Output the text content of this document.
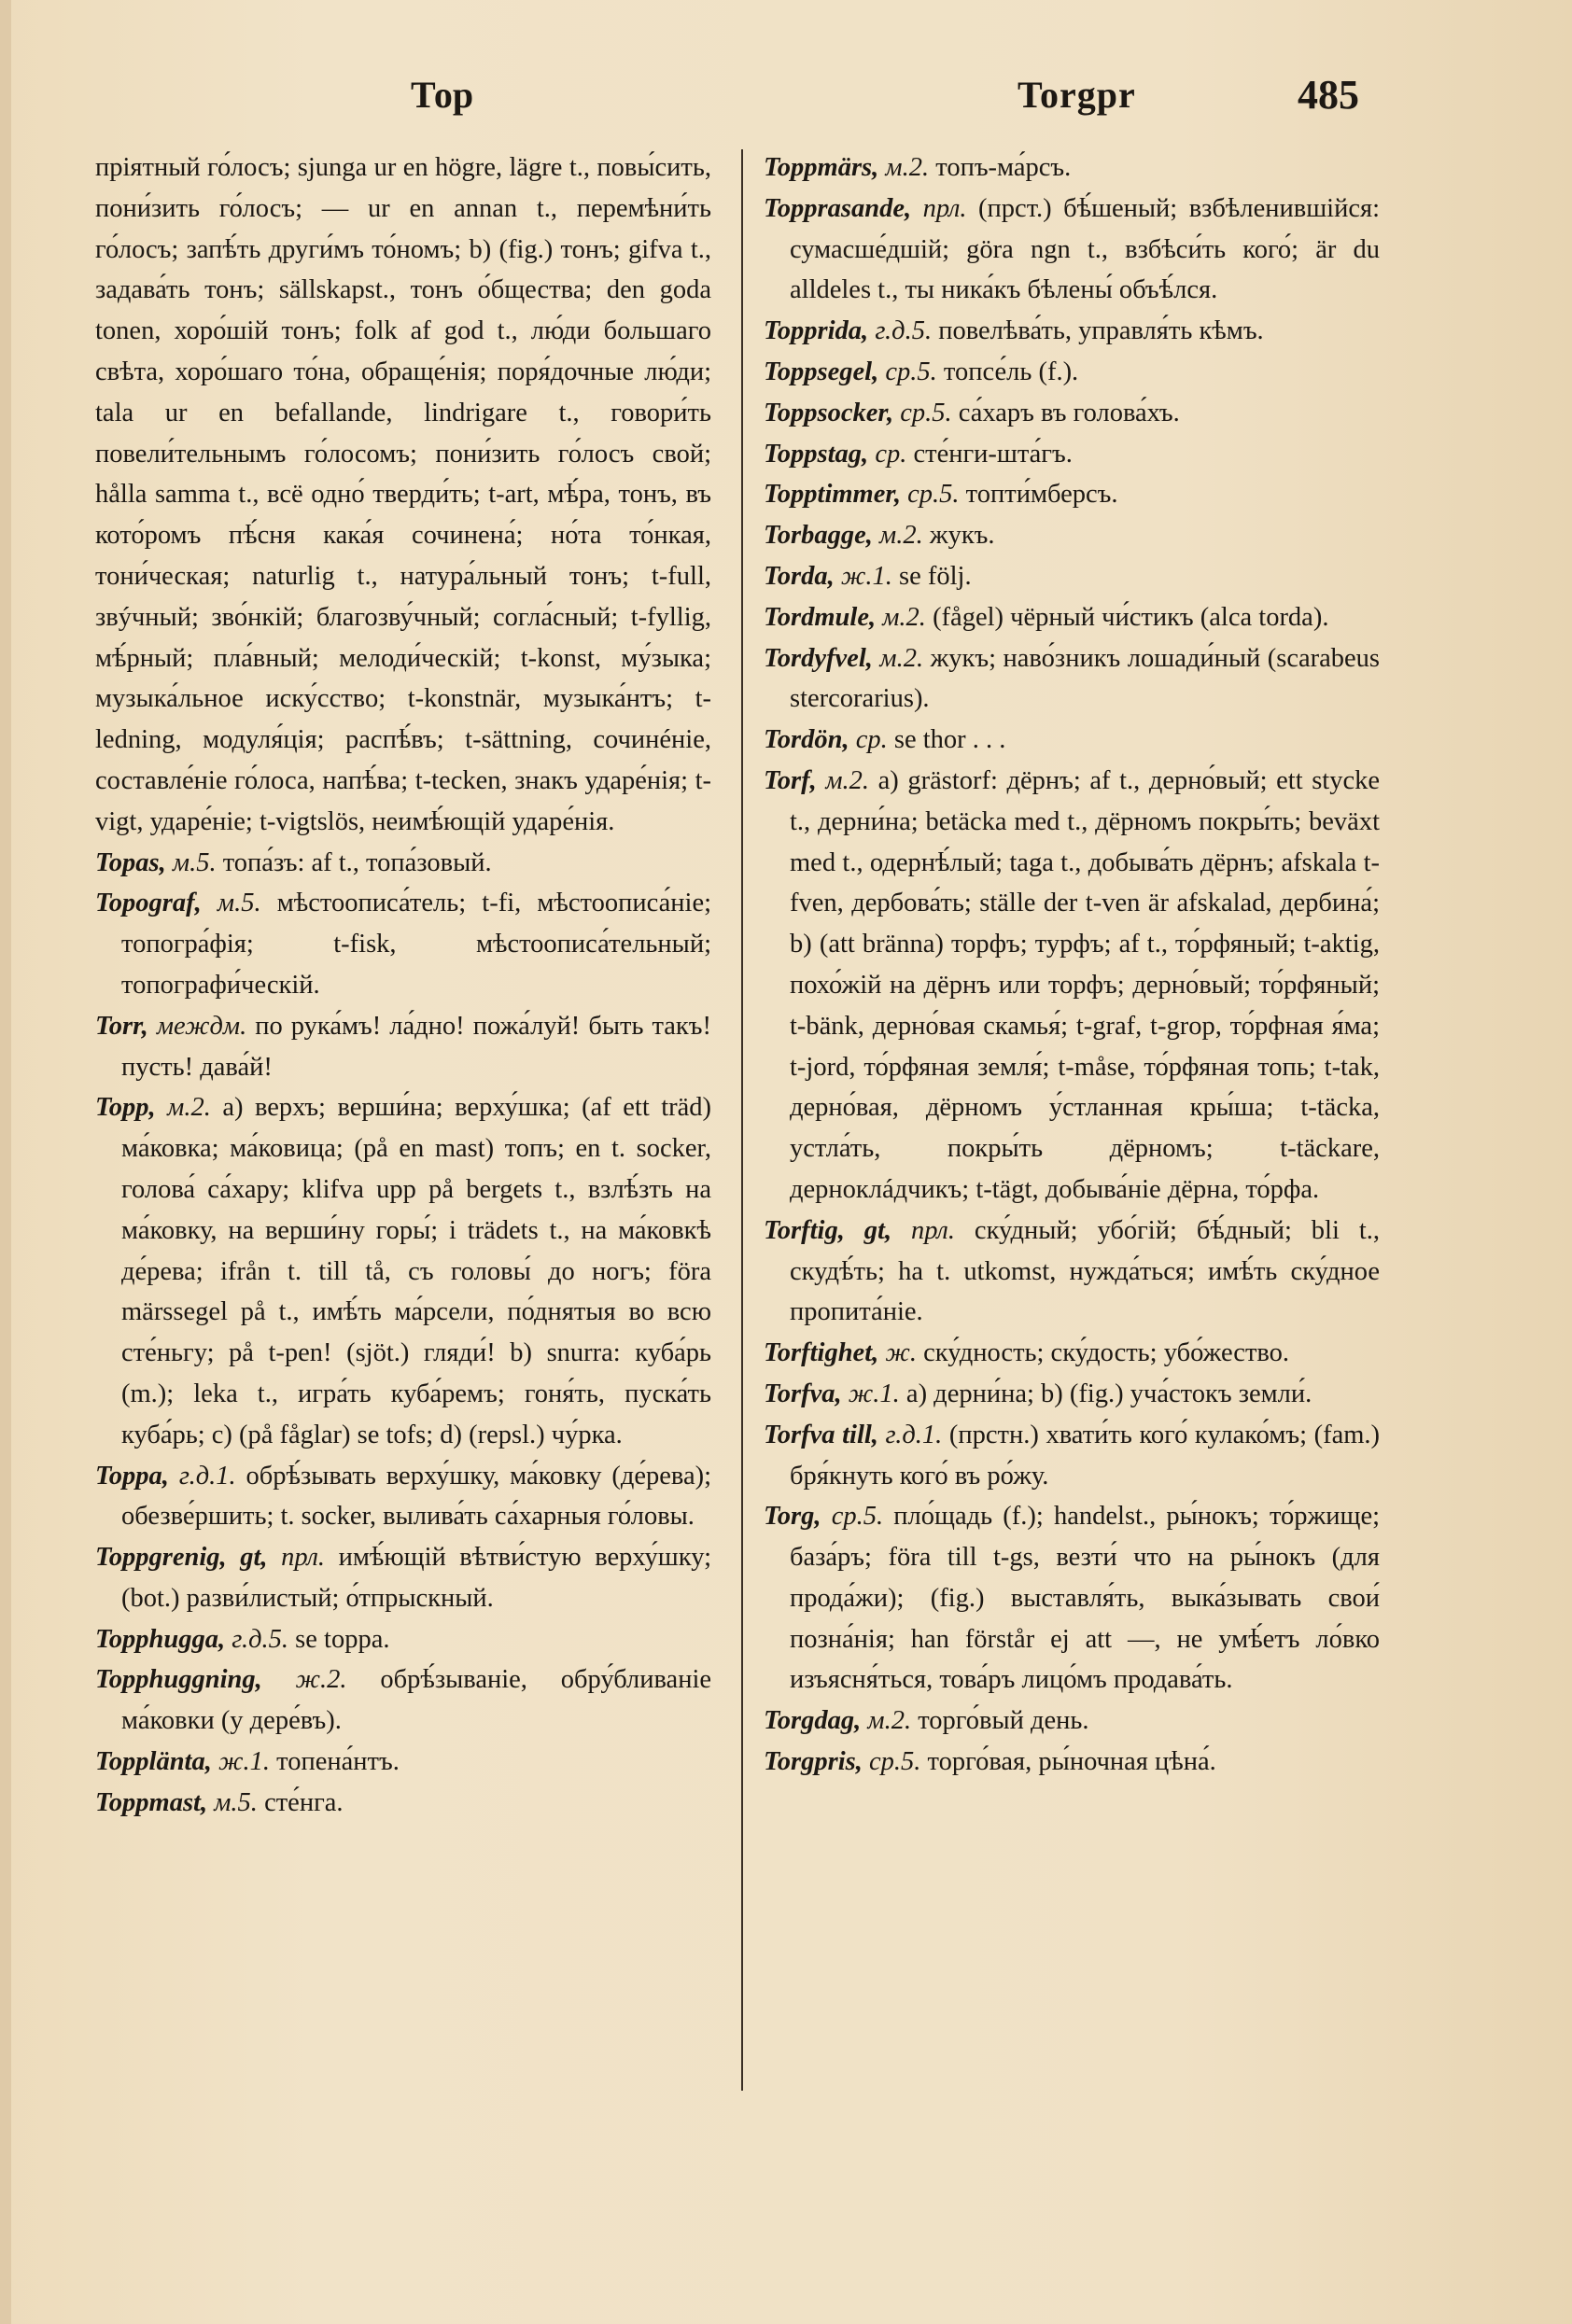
Тор	Torgpr	485

пріятный го́лосъ; sjunga ur en högre, lägre t., повы́сить, пони́зить го́лосъ; — ur en annan t., перемѣни́ть го́лосъ; запѣ́ть други́мъ то́номъ; b) (fig.) тонъ; gifva t., задава́ть тонъ; sällskapst., тонъ о́бщества; den goda tonen, хоро́шій тонъ; folk af god t., лю́ди большаго свѣта, хоро́шаго то́на, обраще́нія; поря́дочные лю́ди; tala ur en befallande, lindrigare t., говори́ть повели́тельнымъ го́лосомъ; пони́зить го́лосъ свой; hålla samma t., всё одно́ тверди́ть; t-art, мѣ́ра, тонъ, въ кото́ромъ пѣ́сня кака́я сочинена́; но́та то́нкая, тони́ческая; naturlig t., натура́льный тонъ; t-full, звýчный; зво́нкій; благозву́чный; согла́сный; t-fyllig, мѣ́рный; пла́вный; мелоди́ческій; t-konst, му́зыка; музыка́льное иску́сство; t-konstnär, музыка́нтъ; t-ledning, модуля́ція; распѣ́въ; t-sättning, сочинéніе, составле́ніе го́лоса, напѣ́ва; t-tecken, знакъ ударе́нія; t-vigt, ударе́ніе; t-vigtslös, нeимѣ́ющій ударе́нія.

Topas, м.5. топа́зъ: af t., топа́зовый.

Topograf, м.5. мѣстоописа́тель; t-fi, мѣстоописа́ніе; топогра́фія; t-fisk, мѣстоописа́тельный; топографи́ческій.

Torr, междм. по рука́мъ! ла́дно! пожа́луй! быть такъ! пусть! дава́й!

Topp, м.2. а) верхъ; верши́на; верху́шка; (af ett träd) ма́ковка; ма́ковица; (på en mast) топъ; en t. socker, голова́ са́хару; klifva upp på bergets t., взлѣ́зть на ма́ковку, на верши́ну горы́; i trädets t., на ма́ковкѣ де́рева; ifrån t. till tå, съ головы́ до ногъ; föra märssegel på t., имѣ́ть ма́рсели, по́днятыя во всю сте́ньгу; på t-pen! (sjöt.) гляди́! b) snurra: куба́рь (m.); leka t., игра́ть куба́ремъ; гоня́ть, пуска́ть куба́рь; c) (på fåglar) se tofs; d) (repsl.) чу́рка.

Toppa, г.д.1. обрѣ́зывать верху́шку, ма́ковку (де́рева); обезве́ршить; t. socker, вылива́ть са́харныя го́ловы.

Toppgrenig, gt, прл. имѣ́ющій вѣтви́стую верху́шку; (bot.) разви́листый; о́тпрыскный.

Topphugga, г.д.5. se toppa.

Topphuggning, ж.2. обрѣ́зываніе, обру́бливаніе ма́ковки (у дере́въ).

Toppläntа, ж.1. топена́нтъ.

Toppmast, м.5. сте́нга.

Toppmärs, м.2. топъ-ма́рсъ.

Topprasande, прл. (прст.) бѣ́шеный; взбѣленившійся: сумасше́дшій; göra ngn t., взбѣси́ть кого́; är du alldeles t., ты ника́къ бѣлены́ объѣ́лся.

Topprida, г.д.5. повелѣва́ть, управля́ть кѣмъ.

Toppsegel, ср.5. топсе́ль (f.).

Toppsocker, ср.5. са́харъ въ голова́хъ.

Toppstag, ср. сте́нги-шта́гъ.

Topptimmer, ср.5. топти́мберсъ.

Torbagge, м.2. жукъ.

Torda, ж.1. se följ.

Tordmule, м.2. (fågel) чёрный чи́стикъ (alca torda).

Tordyfvel, м.2. жукъ; наво́зникъ лошади́ный (scarabeus stercorarius).

Tordön, ср. se thor . . .

Torf, м.2. а) grästorf: дёрнъ; af t., дерно́вый; ett stycke t., дерни́на; betäcka med t., дёрномъ покры́ть; beväxt med t., одернѣ́лый; taga t., добыва́ть дёрнъ; afskala t-fven, дербова́ть; ställe der t-ven är afskalad, дербина́; b) (att bränna) торфъ; турфъ; af t., то́рфяный; t-aktig, похо́жій на дёрнъ или торфъ; дерно́вый; то́рфяный; t-bänk, дерно́вая скамья́; t-graf, t-grop, то́рфная я́ма; t-jord, то́рфяная земля́; t-måse, то́рфяная топь; t-tak, дерно́вая, дёрномъ у́стланная кры́ша; t-täcka, устла́ть, покры́ть дёрномъ; t-täckare, дерноклáдчикъ; t-tägt, добыва́ніе дёрна, то́рфа.

Torftig, gt, прл. ску́дный; убо́гій; бѣ́дный; bli t., скудѣ́ть; ha t. utkomst, нужда́ться; имѣ́ть ску́дное пропита́ніе.

Torftighet, ж. ску́дность; ску́дость; убо́жество.

Torfva, ж.1. а) дерни́на; b) (fig.) уча́стокъ земли́.

Torfva till, г.д.1. (пpстн.) хвати́ть кого́ кулако́мъ; (fam.) бря́кнуть кого́ въ ро́жу.

Torg, ср.5. пло́щадь (f.); handelst., ры́нокъ; то́ржище; база́ръ; föra till t-gs, везти́ что на ры́нокъ (для прода́жи); (fig.) выставля́ть, выка́зывать свои́ позна́нія; han förstår ej att —, не умѣ́етъ ло́вко изъясня́ться, това́ръ лицо́мъ продава́ть.

Torgdag, м.2. торго́вый день.

Torgpris, ср.5. торго́вая, ры́ночная цѣна́.
